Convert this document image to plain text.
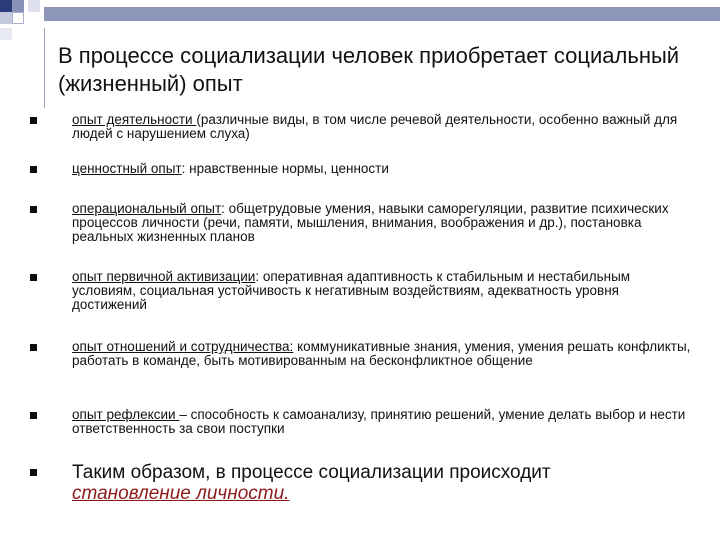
В процессе социализации человек приобретает социальный (жизненный) опыт
опыт деятельности (различные виды, в том числе речевой деятельности, особенно важный для людей с нарушением слуха)
ценностный опыт: нравственные нормы, ценности
операциональный опыт: общетрудовые умения, навыки саморегуляции, развитие психических процессов личности (речи, памяти, мышления, внимания, воображения и др.), постановка реальных жизненных планов
опыт первичной активизации: оперативная адаптивность к стабильным и нестабильным условиям, социальная устойчивость к негативным воздействиям, адекватность уровня достижений
опыт отношений и сотрудничества: коммуникативные знания, умения, умения решать конфликты, работать в команде, быть мотивированным на бесконфликтное общение
опыт рефлексии – способность к самоанализу, принятию решений, умение делать выбор и нести ответственность за свои поступки
Таким образом, в процессе социализации происходит
становление личности.
